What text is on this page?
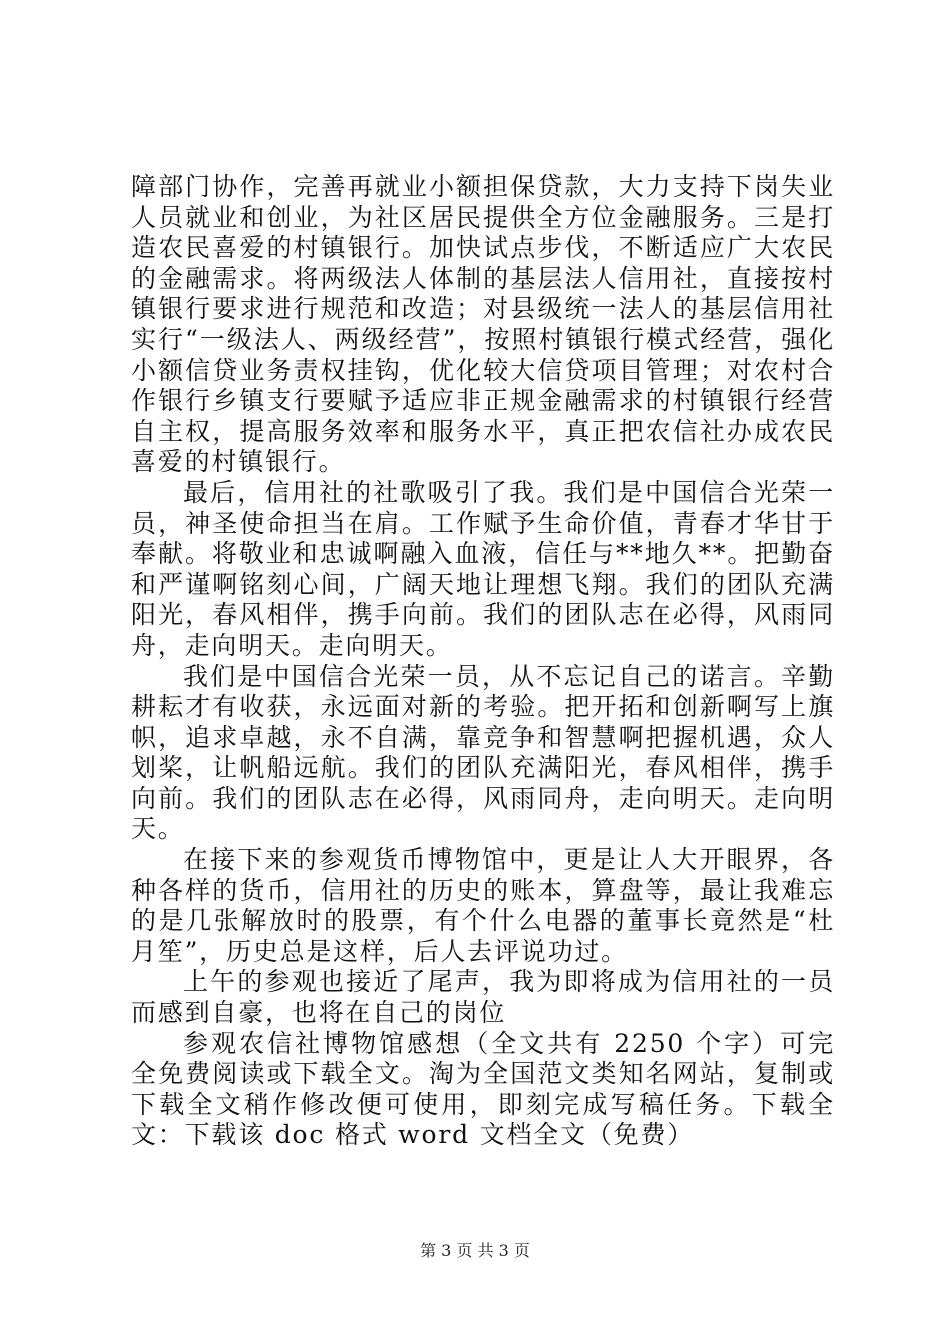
障部门协作，完善再就业小额担保贷款，大力支持下岗失业人员就业和创业，为社区居民提供全方位金融服务。三是打造农民喜爱的村镇银行。加快试点步伐，不断适应广大农民的金融需求。将两级法人体制的基层法人信用社，直接按村镇银行要求进行规范和改造；对县级统一法人的基层信用社实行“一级法人、两级经营”，按照村镇银行模式经营，强化小额信贷业务责权挂钩，优化较大信贷项目管理；对农村合作银行乡镇支行要赋予适应非正规金融需求的村镇银行经营自主权，提高服务效率和服务水平，真正把农信社办成农民喜爱的村镇银行。

最后，信用社的社歌吸引了我。我们是中国信合光荣一员，神圣使命担当在肩。工作赋予生命价值，青春才华甘于奉献。将敬业和忠诚啊融入血液，信任与**地久**。把勤奋和严谨啊铭刻心间，广阔天地让理想飞翔。我们的团队充满阳光，春风相伴，携手向前。我们的团队志在必得，风雨同舟，走向明天。走向明天。

我们是中国信合光荣一员，从不忘记自己的诺言。辛勤耕耘才有收获，永远面对新的考验。把开拓和创新啊写上旗帜，追求卓越，永不自满，靠竞争和智慧啊把握机遇，众人划桨，让帆船远航。我们的团队充满阳光，春风相伴，携手向前。我们的团队志在必得，风雨同舟，走向明天。走向明天。

在接下来的参观货币博物馆中，更是让人大开眼界，各种各样的货币，信用社的历史的账本，算盘等，最让我难忘的是几张解放时的股票，有个什么电器的董事长竟然是“杜月笙”，历史总是这样，后人去评说功过。

上午的参观也接近了尾声，我为即将成为信用社的一员而感到自豪，也将在自己的岗位

参观农信社博物馆感想（全文共有 2250 个字）可完全免费阅读或下载全文。淘为全国范文类知名网站，复制或下载全文稍作修改便可使用，即刻完成写稿任务。下载全文：下载该 doc 格式 word 文档全文（免费）

第 3 页 共 3 页
